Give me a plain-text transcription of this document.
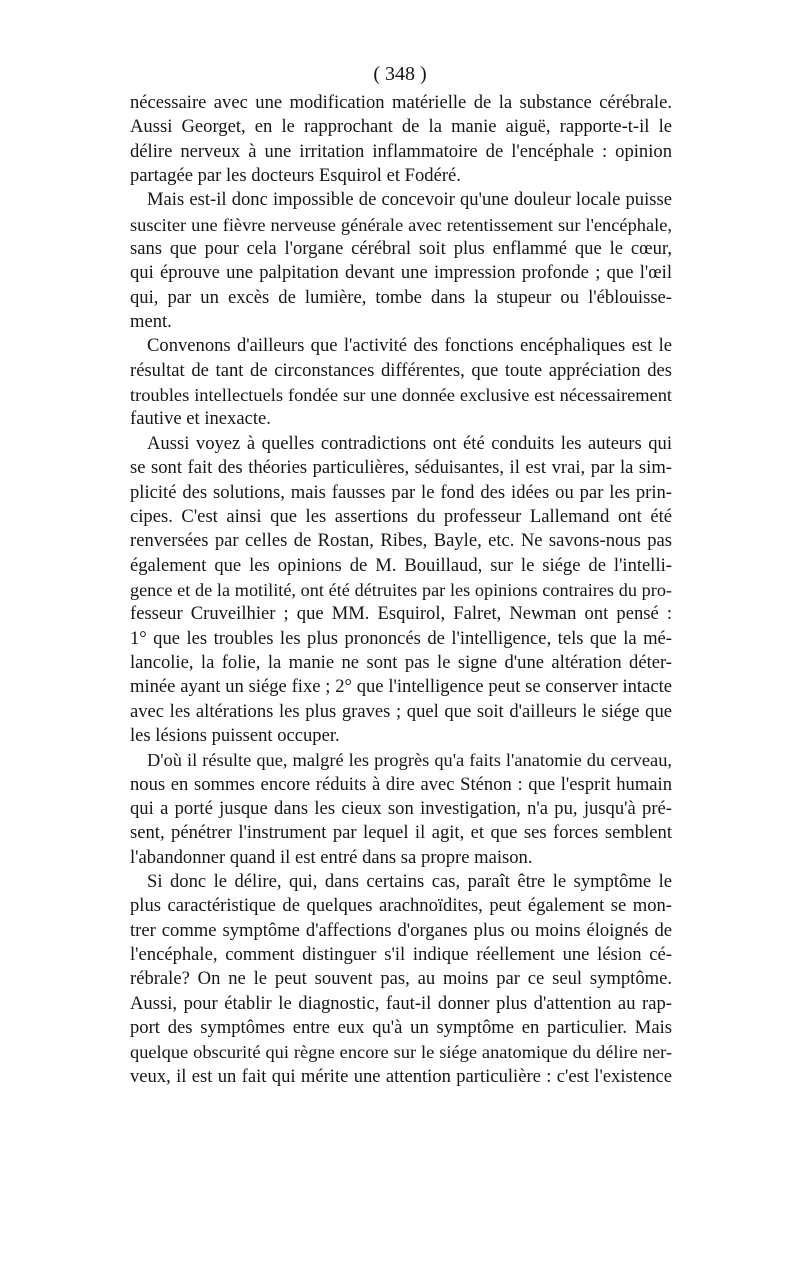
( 348 )
nécessaire avec une modification matérielle de la substance cérébrale.
Aussi Georget, en le rapprochant de la manie aiguë, rapporte-t-il le
délire nerveux à une irritation inflammatoire de l'encéphale : opinion
partagée par les docteurs Esquirol et Fodéré.
Mais est-il donc impossible de concevoir qu'une douleur locale puisse
susciter une fièvre nerveuse générale avec retentissement sur l'encéphale,
sans que pour cela l'organe cérébral soit plus enflammé que le cœur,
qui éprouve une palpitation devant une impression profonde ; que l'œil
qui, par un excès de lumière, tombe dans la stupeur ou l'éblouisse-
ment.
Convenons d'ailleurs que l'activité des fonctions encéphaliques est le
résultat de tant de circonstances différentes, que toute appréciation des
troubles intellectuels fondée sur une donnée exclusive est nécessairement
fautive et inexacte.
Aussi voyez à quelles contradictions ont été conduits les auteurs qui
se sont fait des théories particulières, séduisantes, il est vrai, par la sim-
plicité des solutions, mais fausses par le fond des idées ou par les prin-
cipes. C'est ainsi que les assertions du professeur Lallemand ont été
renversées par celles de Rostan, Ribes, Bayle, etc. Ne savons-nous pas
également que les opinions de M. Bouillaud, sur le siége de l'intelli-
gence et de la motilité, ont été détruites par les opinions contraires du pro-
fesseur Cruveilhier ; que MM. Esquirol, Falret, Newman ont pensé :
1° que les troubles les plus prononcés de l'intelligence, tels que la mé-
lancolie, la folie, la manie ne sont pas le signe d'une altération déter-
minée ayant un siége fixe ; 2° que l'intelligence peut se conserver intacte
avec les altérations les plus graves ; quel que soit d'ailleurs le siége que
les lésions puissent occuper.
D'où il résulte que, malgré les progrès qu'a faits l'anatomie du cerveau,
nous en sommes encore réduits à dire avec Sténon : que l'esprit humain
qui a porté jusque dans les cieux son investigation, n'a pu, jusqu'à pré-
sent, pénétrer l'instrument par lequel il agit, et que ses forces semblent
l'abandonner quand il est entré dans sa propre maison.
Si donc le délire, qui, dans certains cas, paraît être le symptôme le
plus caractéristique de quelques arachnoïdites, peut également se mon-
trer comme symptôme d'affections d'organes plus ou moins éloignés de
l'encéphale, comment distinguer s'il indique réellement une lésion cé-
rébrale? On ne le peut souvent pas, au moins par ce seul symptôme.
Aussi, pour établir le diagnostic, faut-il donner plus d'attention au rap-
port des symptômes entre eux qu'à un symptôme en particulier. Mais
quelque obscurité qui règne encore sur le siége anatomique du délire ner-
veux, il est un fait qui mérite une attention particulière : c'est l'existence
